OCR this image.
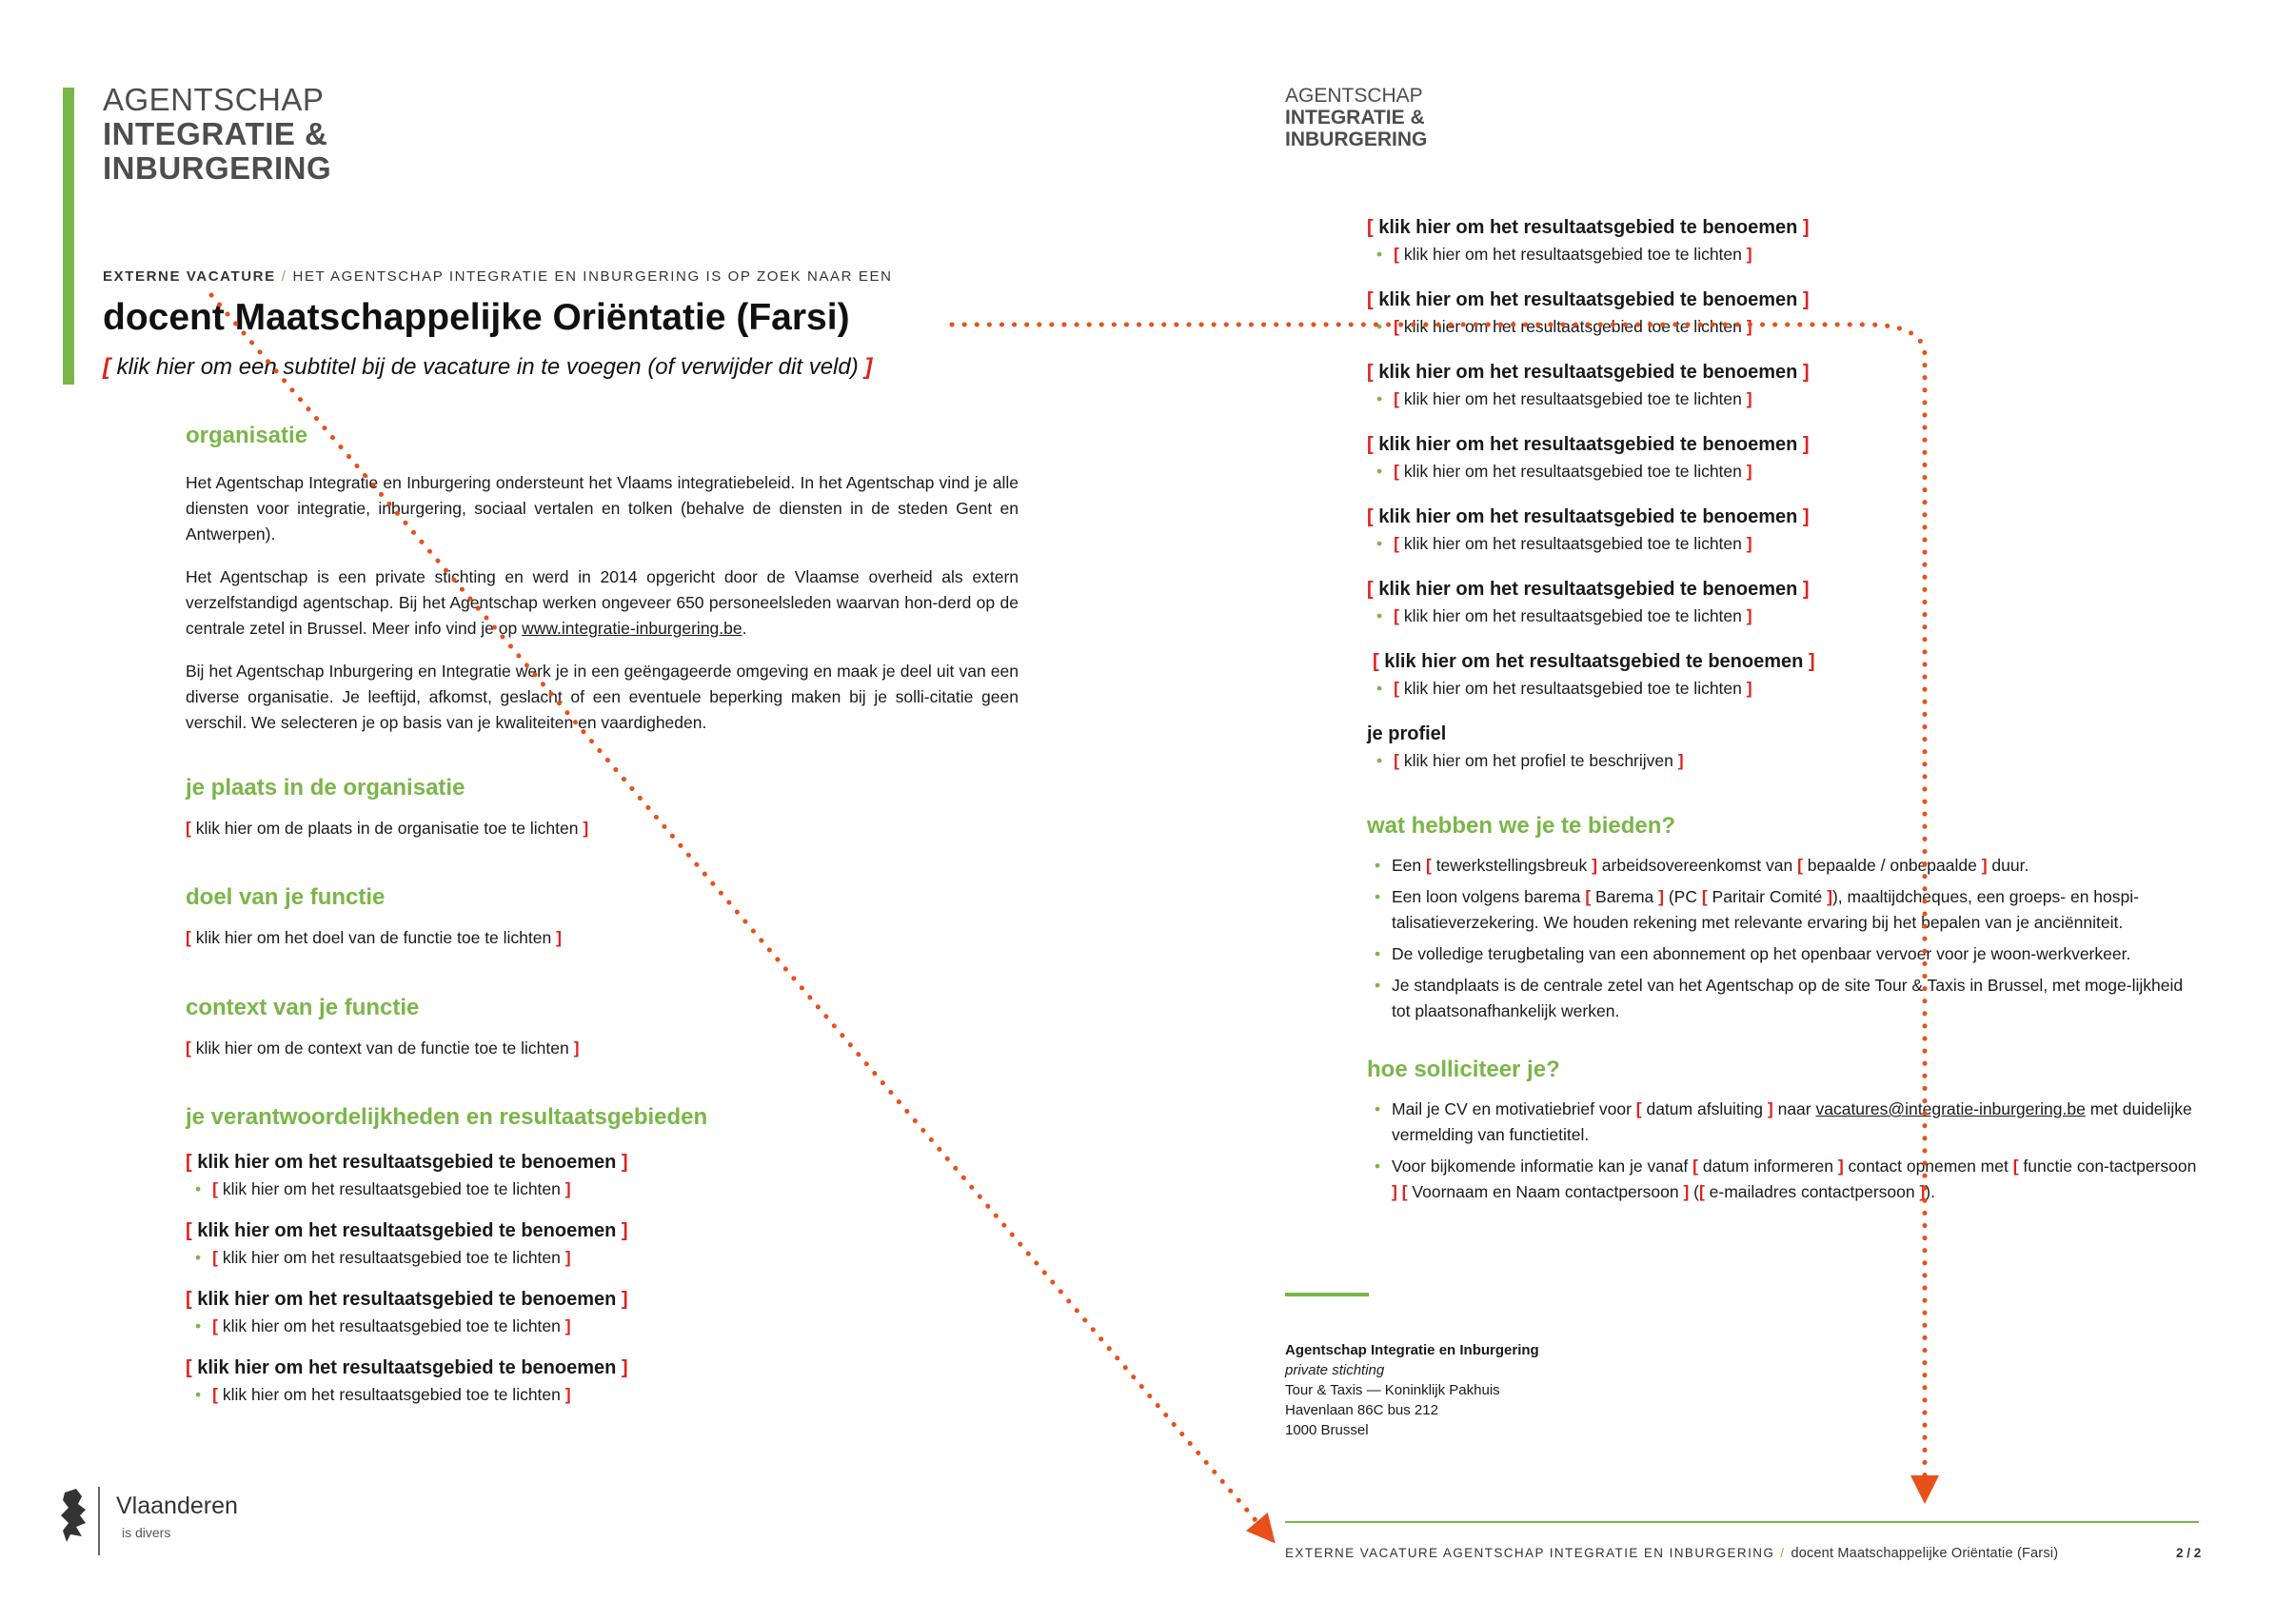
AGENTSCHAP
INTEGRATIE &
INBURGERING
EXTERNE VACATURE / HET AGENTSCHAP INTEGRATIE EN INBURGERING IS OP ZOEK NAAR EEN
docent Maatschappelijke Oriëntatie (Farsi)
[ klik hier om een subtitel bij de vacature in te voegen (of verwijder dit veld) ]
organisatie

Het Agentschap Integratie en Inburgering ondersteunt het Vlaams integratiebeleid. In het Agentschap vind je alle diensten voor integratie, inburgering, sociaal vertalen en tolken (behalve de diensten in de steden Gent en Antwerpen).

Het Agentschap is een private stichting en werd in 2014 opgericht door de Vlaamse overheid als extern verzelfstandigd agentschap. Bij het Agentschap werken ongeveer 650 personeelsleden waarvan hon-derd op de centrale zetel in Brussel. Meer info vind je op www.integratie-inburgering.be.

Bij het Agentschap Inburgering en Integratie werk je in een geëngageerde omgeving en maak je deel uit van een diverse organisatie. Je leeftijd, afkomst, geslacht of een eventuele beperking maken bij je solli-citatie geen verschil. We selecteren je op basis van je kwaliteiten en vaardigheden.

je plaats in de organisatie
[ klik hier om de plaats in de organisatie toe te lichten ]
doel van je functie
[ klik hier om het doel van de functie toe te lichten ]
context van je functie
[ klik hier om de context van de functie toe te lichten ]
je verantwoordelijkheden en resultaatsgebieden
[ klik hier om het resultaatsgebied te benoemen ]
• [ klik hier om het resultaatsgebied toe te lichten ]
[ klik hier om het resultaatsgebied te benoemen ]
• [ klik hier om het resultaatsgebied toe te lichten ]
[ klik hier om het resultaatsgebied te benoemen ]
• [ klik hier om het resultaatsgebied toe te lichten ]
[ klik hier om het resultaatsgebied te benoemen ]
• [ klik hier om het resultaatsgebied toe te lichten ]
Vlaanderen
is divers
AGENTSCHAP
INTEGRATIE &
INBURGERING
[ klik hier om het resultaatsgebied te benoemen ]
• [ klik hier om het resultaatsgebied toe te lichten ]
[ klik hier om het resultaatsgebied te benoemen ]
• [ klik hier om het resultaatsgebied toe te lichten ]
[ klik hier om het resultaatsgebied te benoemen ]
• [ klik hier om het resultaatsgebied toe te lichten ]
[ klik hier om het resultaatsgebied te benoemen ]
• [ klik hier om het resultaatsgebied toe te lichten ]
[ klik hier om het resultaatsgebied te benoemen ]
• [ klik hier om het resultaatsgebied toe te lichten ]
[ klik hier om het resultaatsgebied te benoemen ]
• [ klik hier om het resultaatsgebied toe te lichten ]
[ klik hier om het resultaatsgebied te benoemen ]
• [ klik hier om het resultaatsgebied toe te lichten ]
je profiel
• [ klik hier om het profiel te beschrijven ]
wat hebben we je te bieden?
• Een [ tewerkstellingsbreuk ] arbeidsovereenkomst van [ bepaalde / onbepaalde ] duur.
• Een loon volgens barema [ Barema ] (PC [ Paritair Comité ]), maaltijdcheques, een groeps- en hospi-talisatieverzekering. We houden rekening met relevante ervaring bij het bepalen van je anciënniteit.
• De volledige terugbetaling van een abonnement op het openbaar vervoer voor je woon-werkverkeer.
• Je standplaats is de centrale zetel van het Agentschap op de site Tour & Taxis in Brussel, met moge-lijkheid tot plaatsonafhankelijk werken.
hoe solliciteer je?
• Mail je CV en motivatiebrief voor [ datum afsluiting ] naar vacatures@integratie-inburgering.be met duidelijke vermelding van functietitel.
• Voor bijkomende informatie kan je vanaf [ datum informeren ] contact opnemen met [ functie con-tactpersoon ] [ Voornaam en Naam contactpersoon ] ([ e-mailadres contactpersoon ]).
Agentschap Integratie en Inburgering
private stichting
Tour & Taxis — Koninklijk Pakhuis
Havenlaan 86C bus 212
1000 Brussel
EXTERNE VACATURE AGENTSCHAP INTEGRATIE EN INBURGERING / docent Maatschappelijke Oriëntatie (Farsi)	2 / 2
